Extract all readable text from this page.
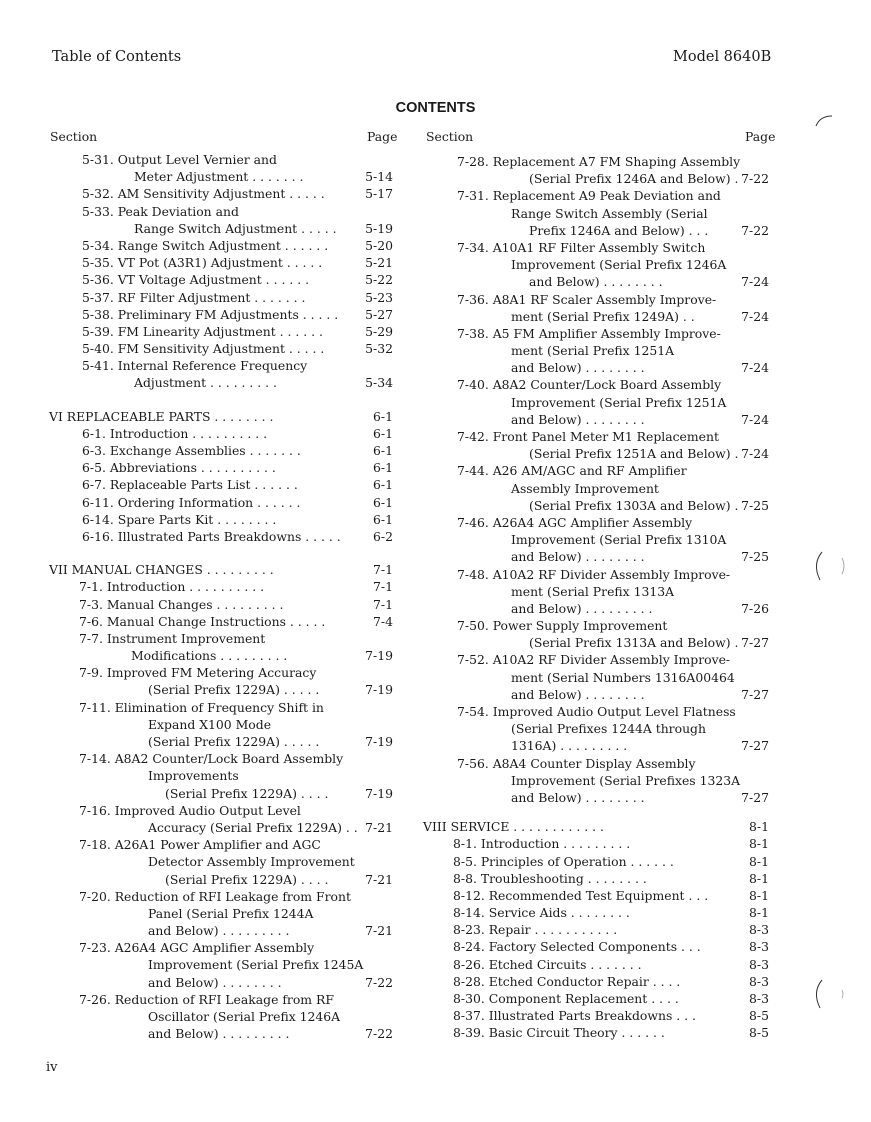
Table of Contents	Model 8640B
CONTENTS
Section	Page Section	Page
5-31. Output Level Vernier and
Meter Adjustment . . . . . . .	5-14
5-32. AM Sensitivity Adjustment . . . . .	5-17
5-33. Peak Deviation and
Range Switch Adjustment . . . . .	5-19
5-34. Range Switch Adjustment . . . . . .	5-20
5-35. VT Pot (A3R1) Adjustment . . . . .	5-21
5-36. VT Voltage Adjustment . . . . . .	5-22
5-37. RF Filter Adjustment . . . . . . .	5-23
5-38. Preliminary FM Adjustments . . . . .	5-27
5-39. FM Linearity Adjustment . . . . . .	5-29
5-40. FM Sensitivity Adjustment . . . . .	5-32
5-41. Internal Reference Frequency
Adjustment . . . . . . . . .	5-34
VI REPLACEABLE PARTS . . . . . . . .	6-1
6-1. Introduction . . . . . . . . . .	6-1
6-3. Exchange Assemblies . . . . . . .	6-1
6-5. Abbreviations . . . . . . . . . .	6-1
6-7. Replaceable Parts List . . . . . .	6-1
6-11. Ordering Information . . . . . .	6-1
6-14. Spare Parts Kit . . . . . . . .	6-1
6-16. Illustrated Parts Breakdowns . . . . .	6-2
VII MANUAL CHANGES . . . . . . . . .	7-1
7-1. Introduction . . . . . . . . . .	7-1
7-3. Manual Changes . . . . . . . . .	7-1
7-6. Manual Change Instructions . . . . .	7-4
7-7. Instrument Improvement
Modifications . . . . . . . . .	7-19
7-9. Improved FM Metering Accuracy
(Serial Prefix 1229A) . . . . .	7-19
7-11. Elimination of Frequency Shift in
Expand X100 Mode
(Serial Prefix 1229A) . . . . .	7-19
7-14. A8A2 Counter/Lock Board Assembly
Improvements
(Serial Prefix 1229A) . . . .	7-19
7-16. Improved Audio Output Level
Accuracy (Serial Prefix 1229A) . . 7-21
7-18. A26A1 Power Amplifier and AGC
Detector Assembly Improvement
(Serial Prefix 1229A) . . . .	7-21
7-20. Reduction of RFI Leakage from Front
Panel (Serial Prefix 1244A
and Below) . . . . . . . . .	7-21
7-23. A26A4 AGC Amplifier Assembly
Improvement (Serial Prefix 1245A
and Below) . . . . . . . .	7-22
7-26. Reduction of RFI Leakage from RF
Oscillator (Serial Prefix 1246A
and Below) . . . . . . . . .	7-22
7-28. Replacement A7 FM Shaping Assembly
(Serial Prefix 1246A and Below) . 7-22
7-31. Replacement A9 Peak Deviation and
Range Switch Assembly (Serial
Prefix 1246A and Below) . . .	7-22
7-34. A10A1 RF Filter Assembly Switch
Improvement (Serial Prefix 1246A
and Below) . . . . . . . .	7-24
7-36. A8A1 RF Scaler Assembly Improve-
ment (Serial Prefix 1249A) . .	7-24
7-38. A5 FM Amplifier Assembly Improve-
ment (Serial Prefix 1251A
and Below) . . . . . . . .	7-24
7-40. A8A2 Counter/Lock Board Assembly
Improvement (Serial Prefix 1251A
and Below) . . . . . . . .	7-24
7-42. Front Panel Meter M1 Replacement
(Serial Prefix 1251A and Below) . 7-24
7-44. A26 AM/AGC and RF Amplifier
Assembly Improvement
(Serial Prefix 1303A and Below) . 7-25
7-46. A26A4 AGC Amplifier Assembly
Improvement (Serial Prefix 1310A
and Below) . . . . . . . .	7-25
7-48. A10A2 RF Divider Assembly Improve-
ment (Serial Prefix 1313A
and Below) . . . . . . . . .	7-26
7-50. Power Supply Improvement
(Serial Prefix 1313A and Below) . 7-27
7-52. A10A2 RF Divider Assembly Improve-
ment (Serial Numbers 1316A00464
and Below) . . . . . . . .	7-27
7-54. Improved Audio Output Level Flatness
(Serial Prefixes 1244A through
1316A) . . . . . . . . .	7-27
7-56. A8A4 Counter Display Assembly
Improvement (Serial Prefixes 1323A
and Below) . . . . . . . .	7-27
VIII SERVICE . . . . . . . . . . . .	8-1
8-1. Introduction . . . . . . . . .	8-1
8-5. Principles of Operation . . . . . .	8-1
8-8. Troubleshooting . . . . . . . .	8-1
8-12. Recommended Test Equipment . . .	8-1
8-14. Service Aids . . . . . . . .	8-1
8-23. Repair . . . . . . . . . . .	8-3
8-24. Factory Selected Components . . .	8-3
8-26. Etched Circuits . . . . . . .	8-3
8-28. Etched Conductor Repair . . . .	8-3
8-30. Component Replacement . . . .	8-3
8-37. Illustrated Parts Breakdowns . . .	8-5
8-39. Basic Circuit Theory . . . . . .	8-5
iv
